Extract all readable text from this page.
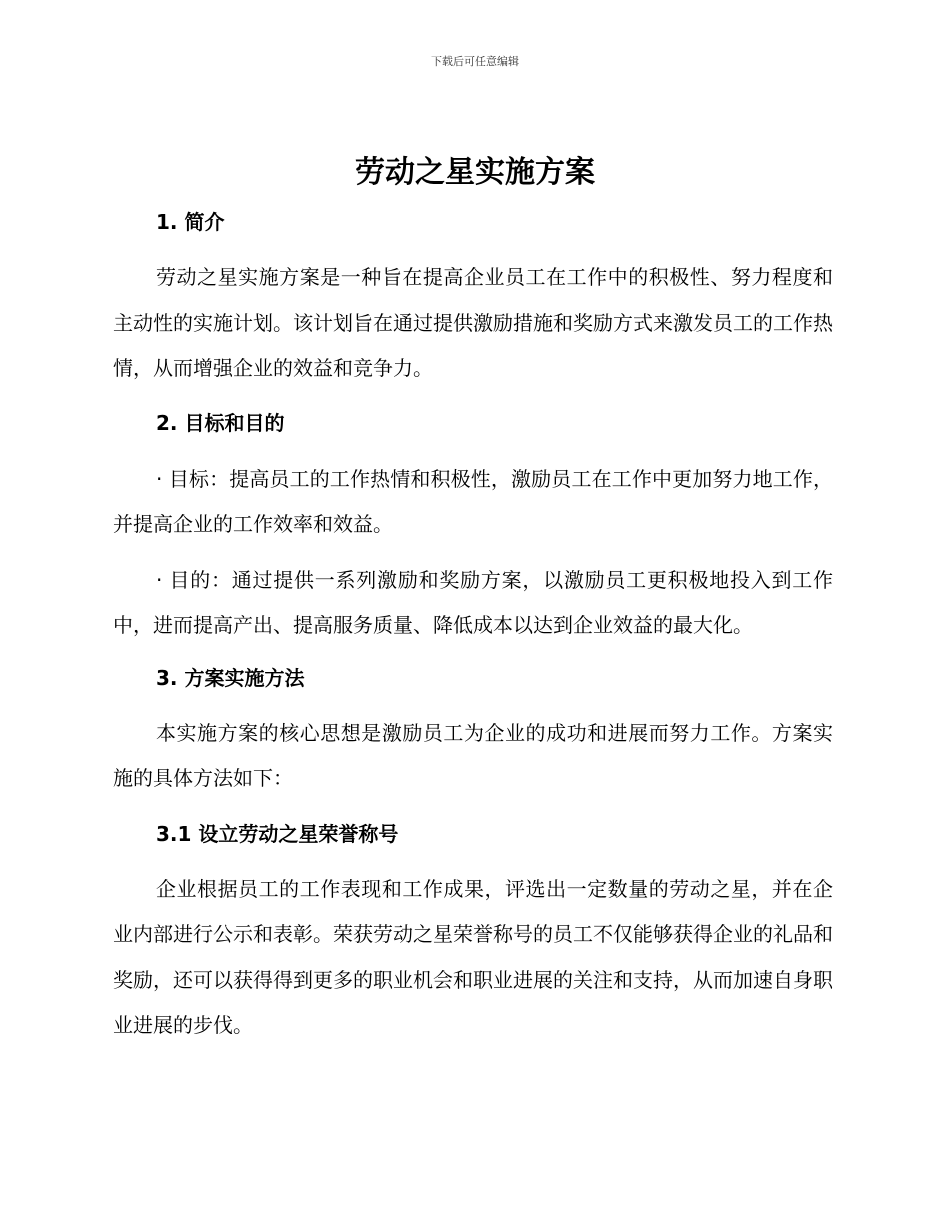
下载后可任意编辑
劳动之星实施方案

1. 简介

劳动之星实施方案是一种旨在提高企业员工在工作中的积极性、努力程度和主动性的实施计划。该计划旨在通过提供激励措施和奖励方式来激发员工的工作热情，从而增强企业的效益和竞争力。

2. 目标和目的

· 目标：提高员工的工作热情和积极性，激励员工在工作中更加努力地工作，并提高企业的工作效率和效益。

· 目的：通过提供一系列激励和奖励方案，以激励员工更积极地投入到工作中，进而提高产出、提高服务质量、降低成本以达到企业效益的最大化。

3. 方案实施方法

本实施方案的核心思想是激励员工为企业的成功和进展而努力工作。方案实施的具体方法如下：

3.1 设立劳动之星荣誉称号

企业根据员工的工作表现和工作成果，评选出一定数量的劳动之星，并在企业内部进行公示和表彰。荣获劳动之星荣誉称号的员工不仅能够获得企业的礼品和奖励，还可以获得得到更多的职业机会和职业进展的关注和支持，从而加速自身职业进展的步伐。
